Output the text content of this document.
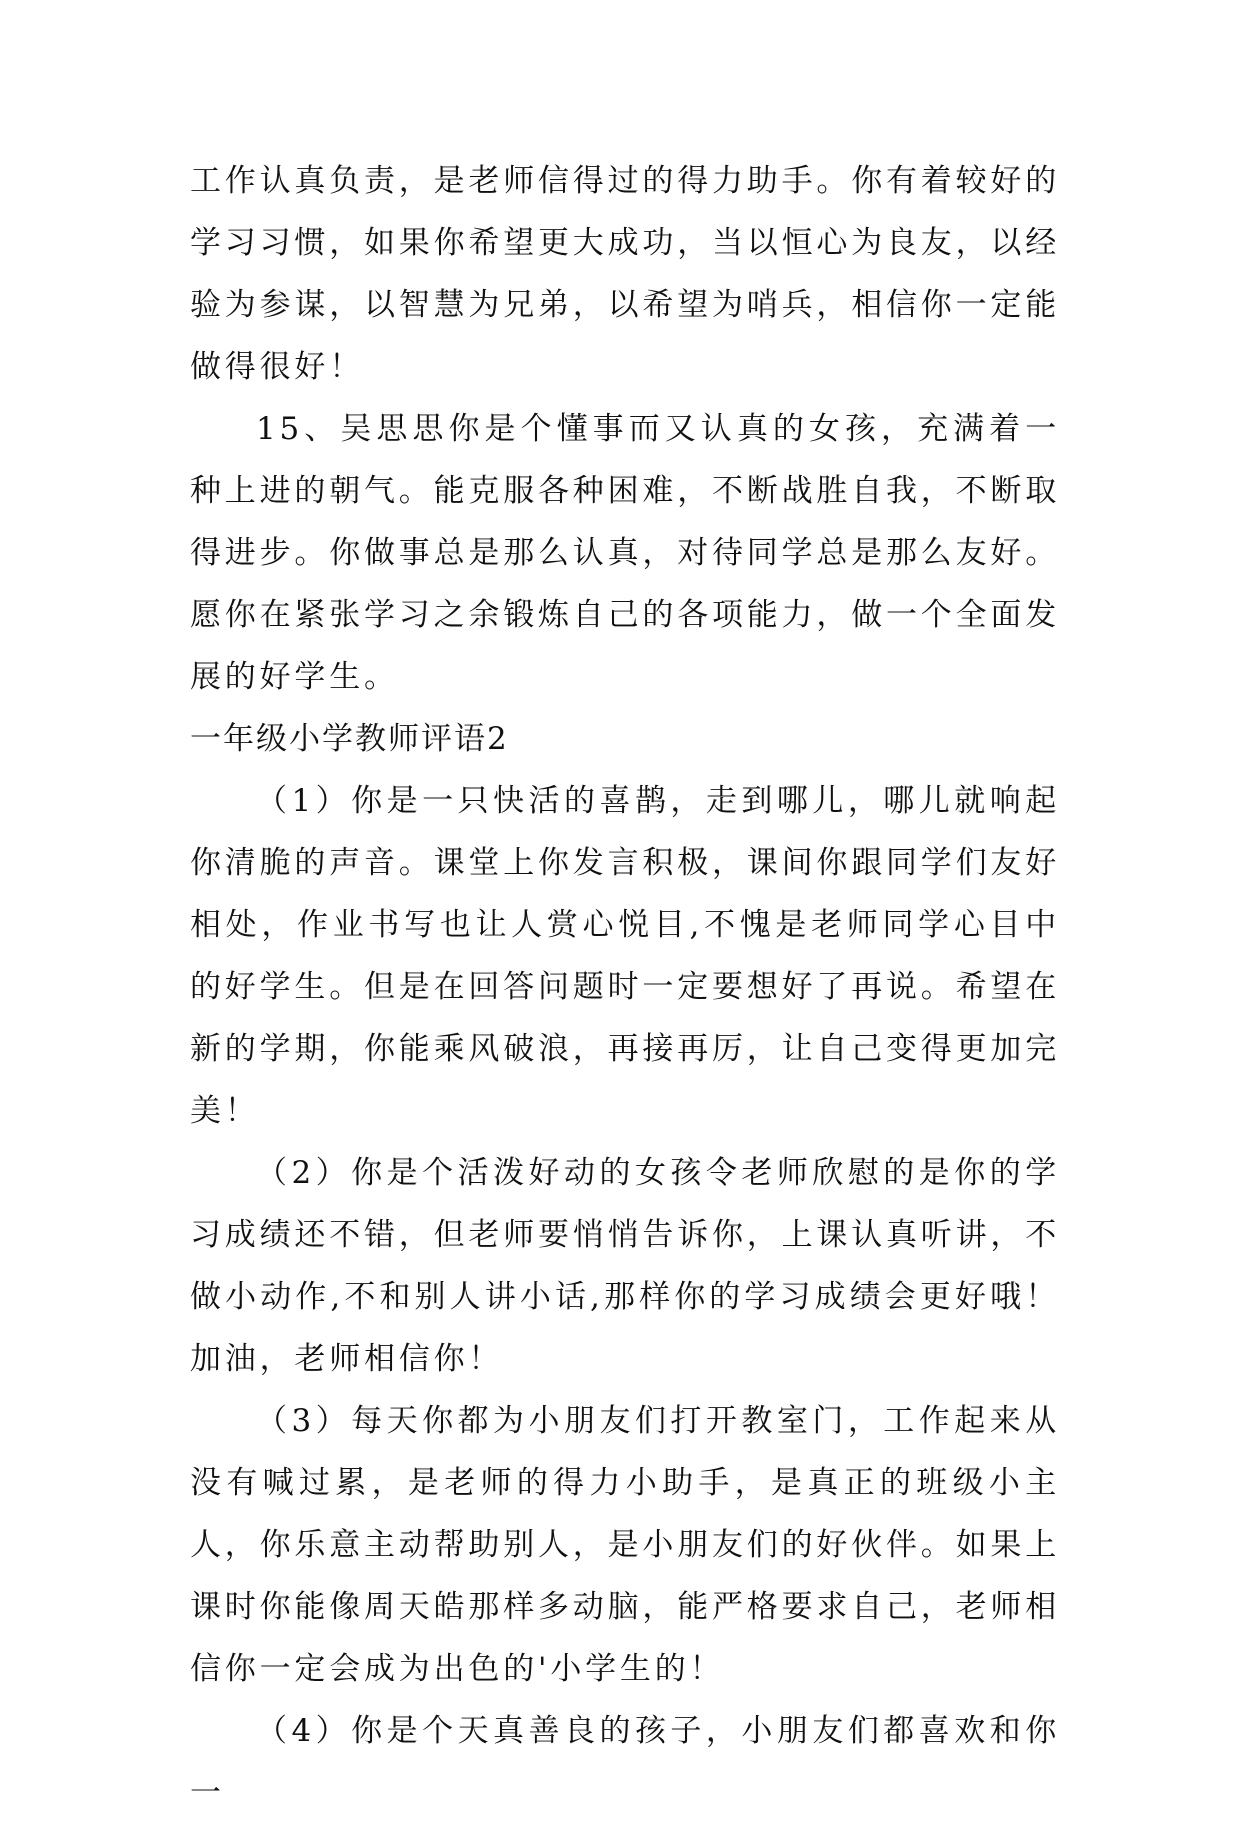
工作认真负责，是老师信得过的得力助手。你有着较好的学习习惯，如果你希望更大成功，当以恒心为良友，以经验为参谋，以智慧为兄弟，以希望为哨兵，相信你一定能做得很好！

15、吴思思你是个懂事而又认真的女孩，充满着一种上进的朝气。能克服各种困难，不断战胜自我，不断取得进步。你做事总是那么认真，对待同学总是那么友好。愿你在紧张学习之余锻炼自己的各项能力，做一个全面发展的好学生。

一年级小学教师评语2

（1）你是一只快活的喜鹊，走到哪儿，哪儿就响起你清脆的声音。课堂上你发言积极，课间你跟同学们友好相处，作业书写也让人赏心悦目,不愧是老师同学心目中的好学生。但是在回答问题时一定要想好了再说。希望在新的学期，你能乘风破浪，再接再厉，让自己变得更加完美！

（2）你是个活泼好动的女孩令老师欣慰的是你的学习成绩还不错，但老师要悄悄告诉你，上课认真听讲，不做小动作,不和别人讲小话,那样你的学习成绩会更好哦！加油，老师相信你！

（3）每天你都为小朋友们打开教室门，工作起来从没有喊过累，是老师的得力小助手，是真正的班级小主人，你乐意主动帮助别人，是小朋友们的好伙伴。如果上课时你能像周天皓那样多动脑，能严格要求自己，老师相信你一定会成为出色的'小学生的！

（4）你是个天真善良的孩子，小朋友们都喜欢和你一
